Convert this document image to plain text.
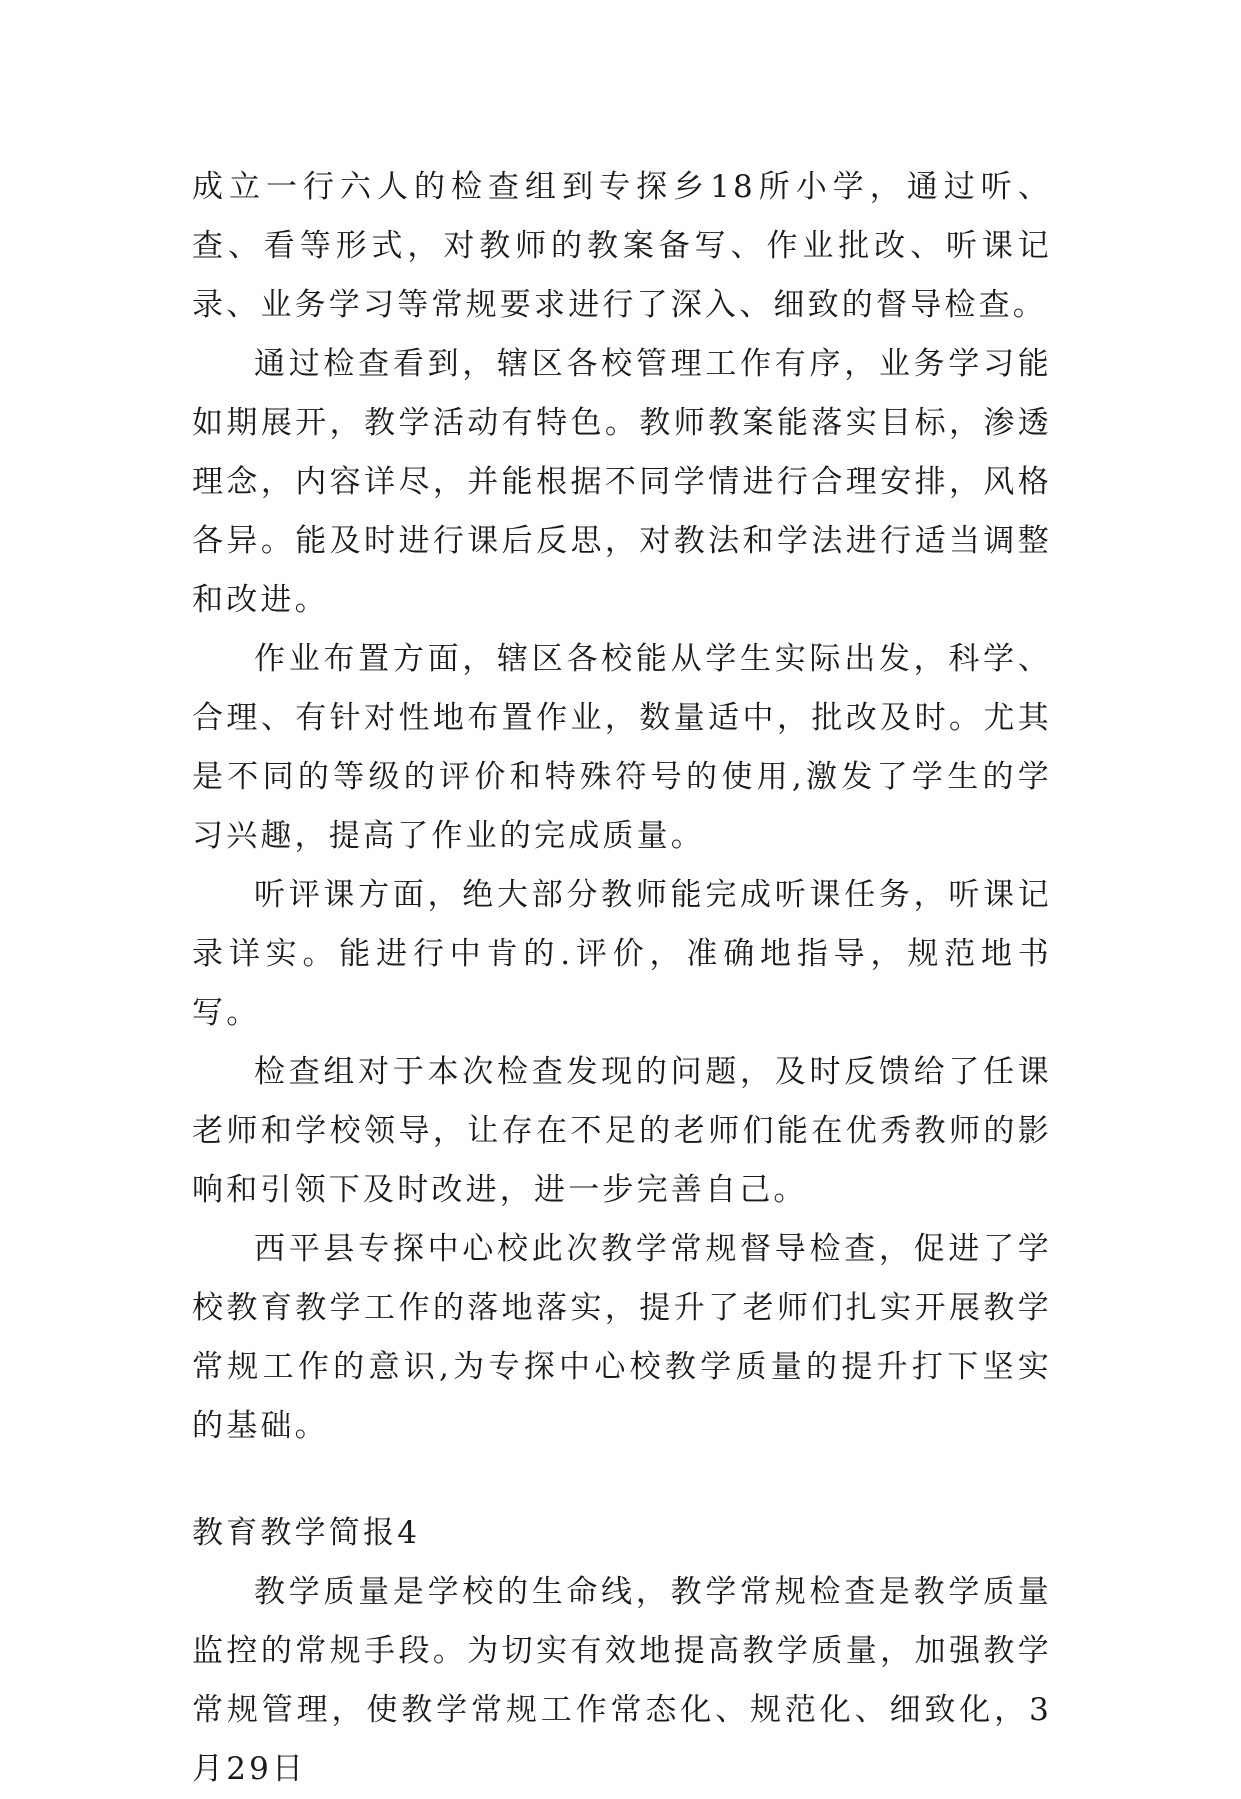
成立一行六人的检查组到专探乡18所小学，通过听、查、看等形式，对教师的教案备写、作业批改、听课记录、业务学习等常规要求进行了深入、细致的督导检查。

通过检查看到，辖区各校管理工作有序，业务学习能如期展开，教学活动有特色。教师教案能落实目标，渗透理念，内容详尽，并能根据不同学情进行合理安排，风格各异。能及时进行课后反思，对教法和学法进行适当调整和改进。

作业布置方面，辖区各校能从学生实际出发，科学、合理、有针对性地布置作业，数量适中，批改及时。尤其是不同的等级的评价和特殊符号的使用,激发了学生的学习兴趣，提高了作业的完成质量。

听评课方面，绝大部分教师能完成听课任务，听课记录详实。能进行中肯的.评价，准确地指导，规范地书写。

检查组对于本次检查发现的问题，及时反馈给了任课老师和学校领导，让存在不足的老师们能在优秀教师的影响和引领下及时改进，进一步完善自己。

西平县专探中心校此次教学常规督导检查，促进了学校教育教学工作的落地落实，提升了老师们扎实开展教学常规工作的意识,为专探中心校教学质量的提升打下坚实的基础。

教育教学简报4

教学质量是学校的生命线，教学常规检查是教学质量监控的常规手段。为切实有效地提高教学质量，加强教学常规管理，使教学常规工作常态化、规范化、细致化，3月29日
